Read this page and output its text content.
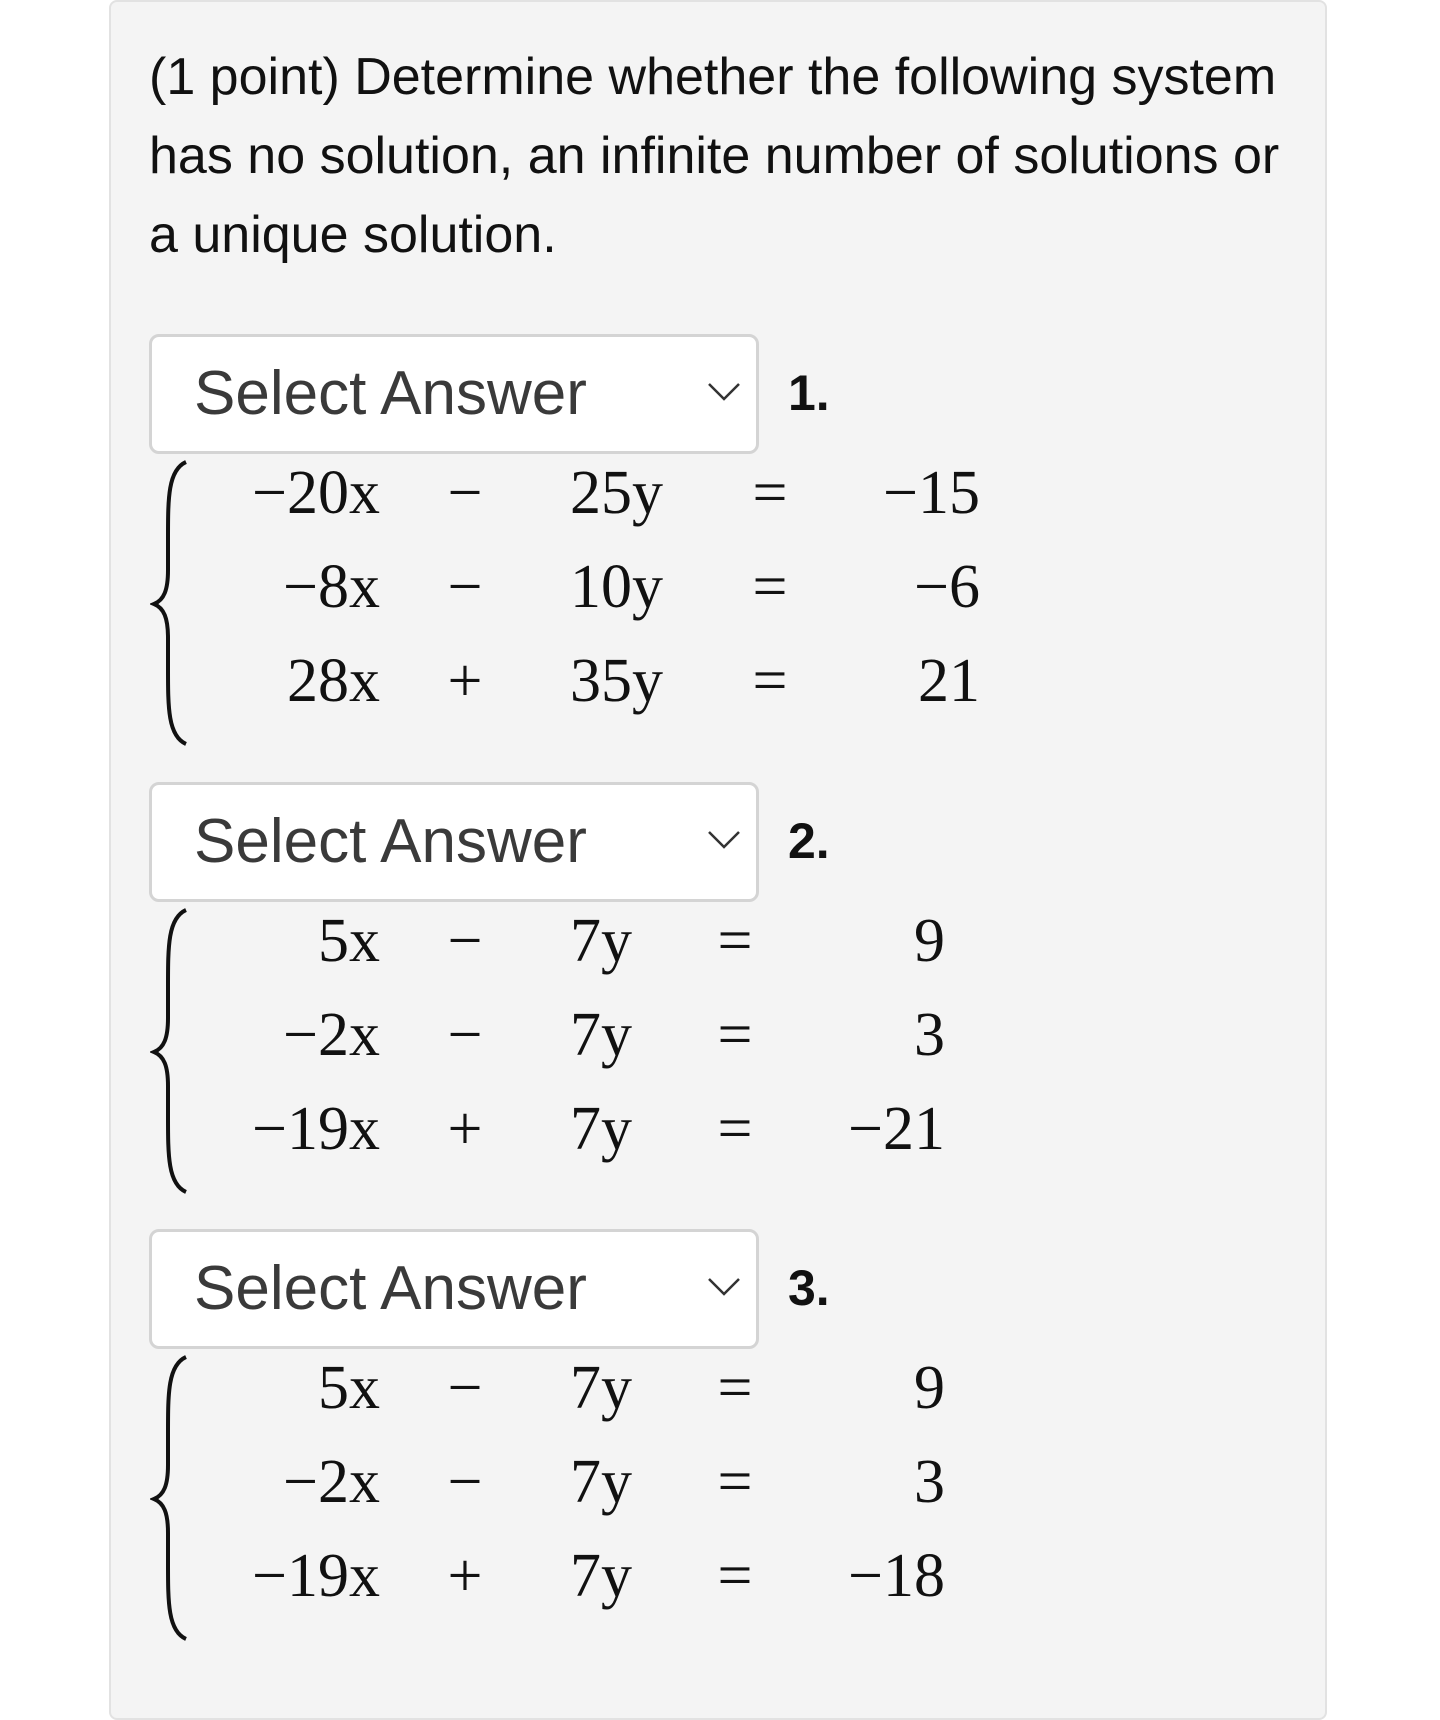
(1 point) Determine whether the following system has no solution, an infinite number of solutions or a unique solution.

Select Answer	1.
−20x − 25y =	−15
−8x − 10y =	−6
28x + 35y =	21
Select Answer	2.
5x − 7y =	9
−2x − 7y =	3
−19x + 7y =	−21
Select Answer	3.
5x − 7y =	9
−2x − 7y =	3
−19x + 7y =	−18
